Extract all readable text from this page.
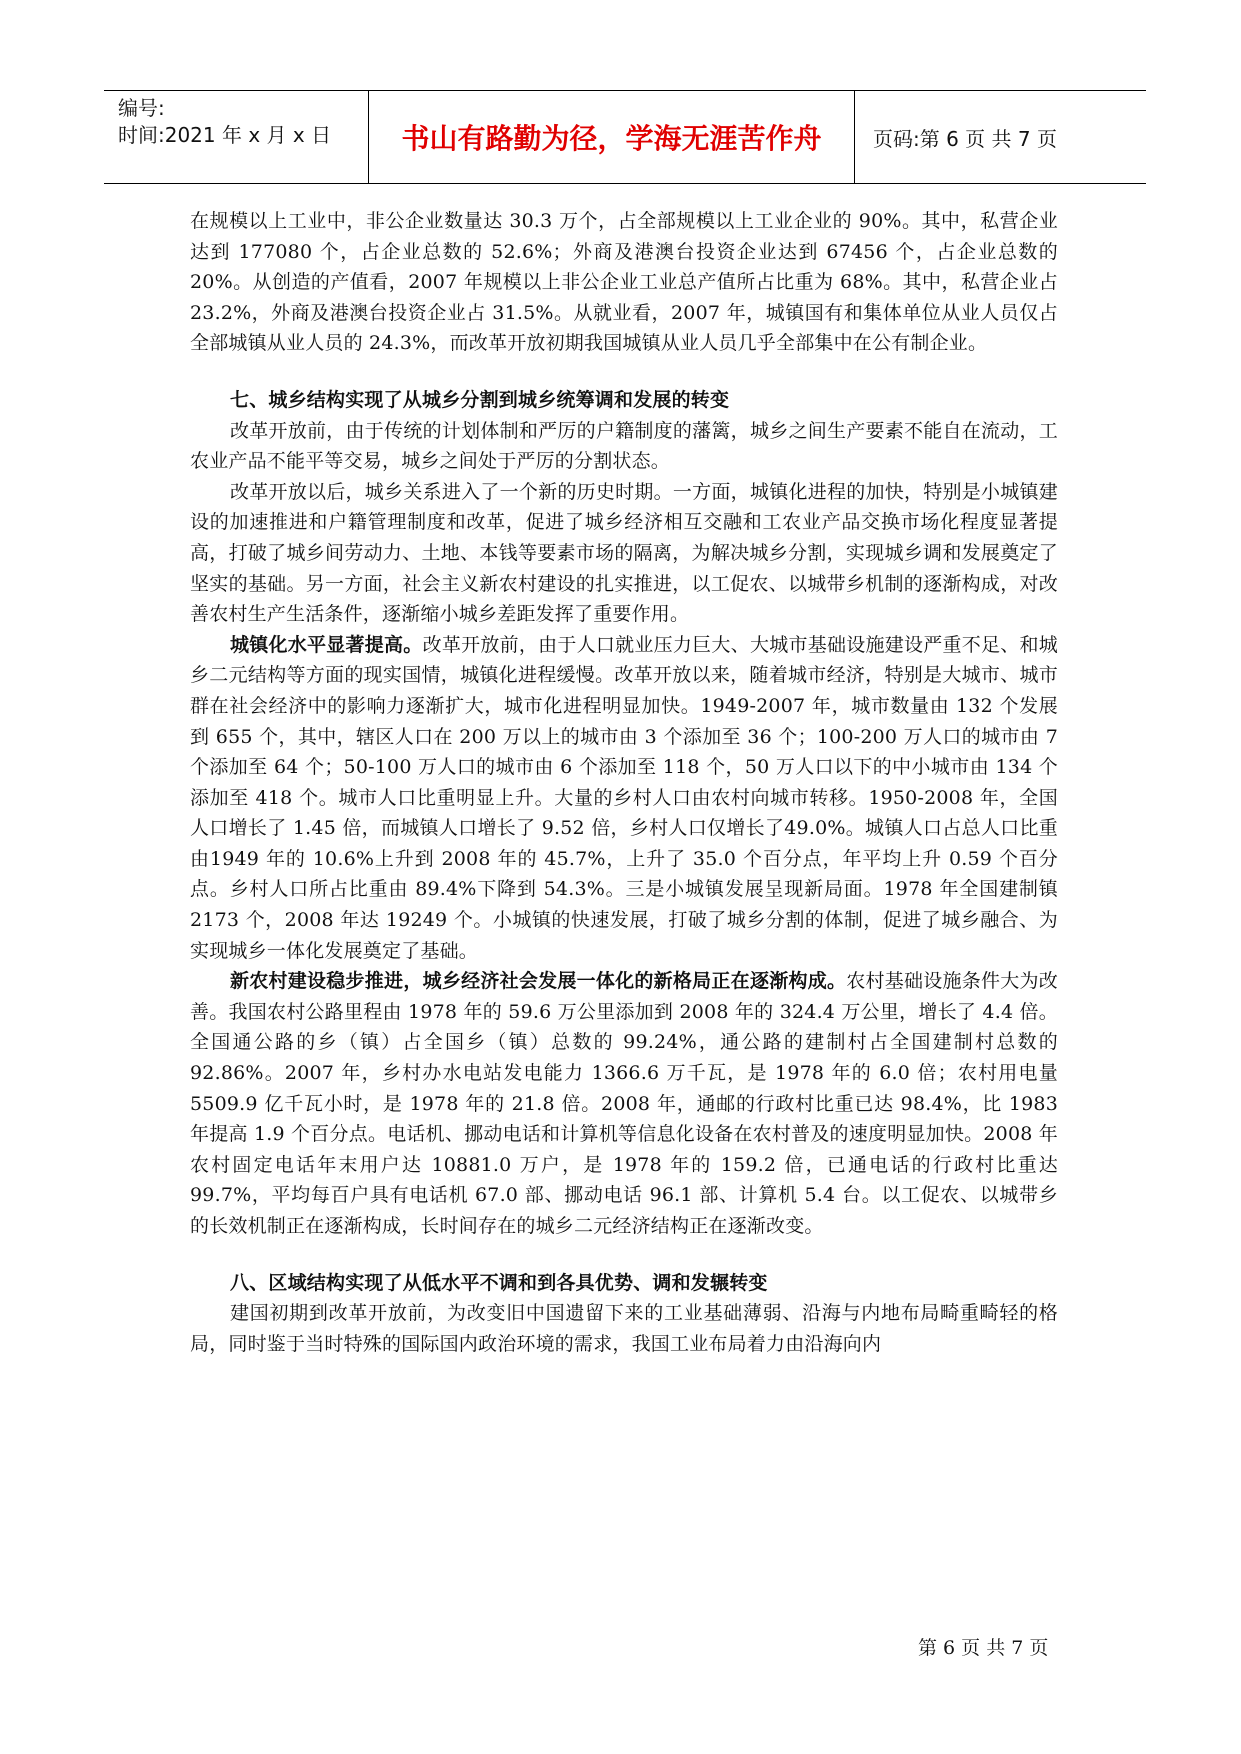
编号:
时间:2021 年 x 月 x 日	书山有路勤为径，学海无涯苦作舟	页码:第 6 页 共 7 页

在规模以上工业中，非公企业数量达 30.3 万个，占全部规模以上工业企业的 90%。其中，私营企业达到 177080 个，占企业总数的 52.6%；外商及港澳台投资企业达到 67456 个，占企业总数的 20%。从创造的产值看，2007 年规模以上非公企业工业总产值所占比重为 68%。其中，私营企业占 23.2%，外商及港澳台投资企业占 31.5%。从就业看，2007 年，城镇国有和集体单位从业人员仅占全部城镇从业人员的 24.3%，而改革开放初期我国城镇从业人员几乎全部集中在公有制企业。

七、城乡结构实现了从城乡分割到城乡统筹调和发展的转变

改革开放前，由于传统的计划体制和严厉的户籍制度的藩篱，城乡之间生产要素不能自在流动，工农业产品不能平等交易，城乡之间处于严厉的分割状态。

改革开放以后，城乡关系进入了一个新的历史时期。一方面，城镇化进程的加快，特别是小城镇建设的加速推进和户籍管理制度和改革，促进了城乡经济相互交融和工农业产品交换市场化程度显著提高，打破了城乡间劳动力、土地、本钱等要素市场的隔离，为解决城乡分割，实现城乡调和发展奠定了坚实的基础。另一方面，社会主义新农村建设的扎实推进，以工促农、以城带乡机制的逐渐构成，对改善农村生产生活条件，逐渐缩小城乡差距发挥了重要作用。

城镇化水平显著提高。改革开放前，由于人口就业压力巨大、大城市基础设施建设严重不足、和城乡二元结构等方面的现实国情，城镇化进程缓慢。改革开放以来，随着城市经济，特别是大城市、城市群在社会经济中的影响力逐渐扩大，城市化进程明显加快。1949-2007 年，城市数量由 132 个发展到 655 个，其中，辖区人口在 200 万以上的城市由 3 个添加至 36 个；100-200 万人口的城市由 7 个添加至 64 个；50-100 万人口的城市由 6 个添加至 118 个，50 万人口以下的中小城市由 134 个添加至 418 个。城市人口比重明显上升。大量的乡村人口由农村向城市转移。1950-2008 年，全国人口增长了 1.45 倍，而城镇人口增长了 9.52 倍，乡村人口仅增长了49.0%。城镇人口占总人口比重由1949 年的 10.6%上升到 2008 年的 45.7%，上升了 35.0 个百分点，年平均上升 0.59 个百分点。乡村人口所占比重由 89.4%下降到 54.3%。三是小城镇发展呈现新局面。1978 年全国建制镇 2173 个，2008 年达 19249 个。小城镇的快速发展，打破了城乡分割的体制，促进了城乡融合、为实现城乡一体化发展奠定了基础。

新农村建设稳步推进，城乡经济社会发展一体化的新格局正在逐渐构成。农村基础设施条件大为改善。我国农村公路里程由 1978 年的 59.6 万公里添加到 2008 年的 324.4 万公里，增长了 4.4 倍。全国通公路的乡（镇）占全国乡（镇）总数的 99.24%，通公路的建制村占全国建制村总数的 92.86%。2007 年，乡村办水电站发电能力 1366.6 万千瓦，是 1978 年的 6.0 倍；农村用电量 5509.9 亿千瓦小时，是 1978 年的 21.8 倍。2008 年，通邮的行政村比重已达 98.4%，比 1983 年提高 1.9 个百分点。电话机、挪动电话和计算机等信息化设备在农村普及的速度明显加快。2008 年农村固定电话年末用户达 10881.0 万户，是 1978 年的 159.2 倍，已通电话的行政村比重达 99.7%，平均每百户具有电话机 67.0 部、挪动电话 96.1 部、计算机 5.4 台。以工促农、以城带乡的长效机制正在逐渐构成，长时间存在的城乡二元经济结构正在逐渐改变。

八、区域结构实现了从低水平不调和到各具优势、调和发辗转变

建国初期到改革开放前，为改变旧中国遗留下来的工业基础薄弱、沿海与内地布局畸重畸轻的格局，同时鉴于当时特殊的国际国内政治环境的需求，我国工业布局着力由沿海向内

第 6 页 共 7 页
